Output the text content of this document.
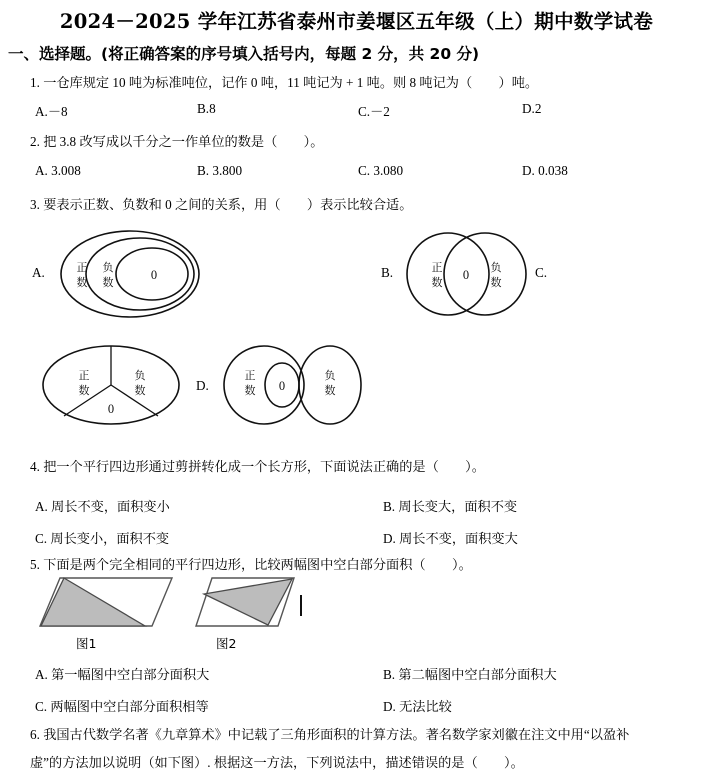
2024－2025 学年江苏省泰州市姜堰区五年级（上）期中数学试卷
一、选择题。(将正确答案的序号填入括号内，每题 2 分，共 20 分)
1. 一仓库规定 10 吨为标准吨位，记作 0 吨，11 吨记为 + 1 吨。则 8 吨记为（　　）吨。
A.－8	B.8	C.－2	D.2
2. 把 3.8 改写成以千分之一作单位的数是（　　）。
A. 3.008	B. 3.800	C. 3.080	D. 0.038
3. 要表示正数、负数和 0 之间的关系，用（　　）表示比较合适。
A.	正
数
负
数
0	B.	正
数
0
负
数
C.
正
数
负
数
0
D.
正
数 0
负
数
4. 把一个平行四边形通过剪拼转化成一个长方形，下面说法正确的是（　　）。
A. 周长不变，面积变小	B. 周长变大，面积不变
C. 周长变小，面积不变	D. 周长不变，面积变大
5. 下面是两个完全相同的平行四边形，比较两幅图中空白部分面积（　　）。
图1	图2
A. 第一幅图中空白部分面积大	B. 第二幅图中空白部分面积大
C. 两幅图中空白部分面积相等	D. 无法比较
6. 我国古代数学名著《九章算术》中记载了三角形面积的计算方法。著名数学家刘徽在注文中用“以盈补
虚”的方法加以说明（如下图）. 根据这一方法，下列说法中，描述错误的是（　　）。
